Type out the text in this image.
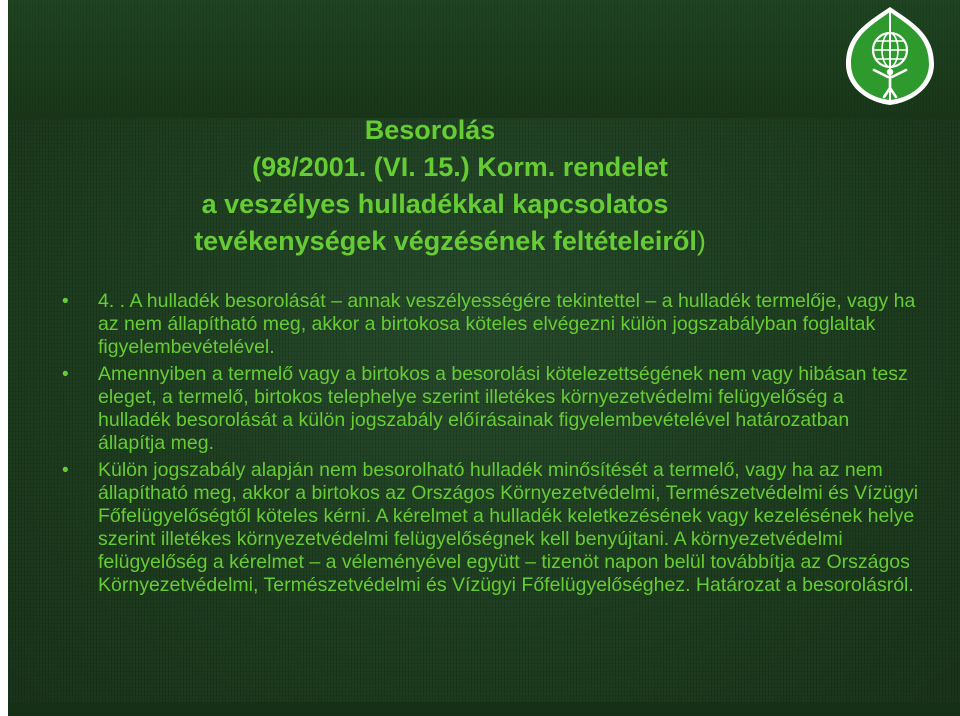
Besorolás
(98/2001. (VI. 15.) Korm. rendelet
a veszélyes hulladékkal kapcsolatos
tevékenységek végzésének feltételeiről)
• 4. . A hulladék besorolását – annak veszélyességére tekintettel – a hulladék termelője, vagy ha az nem állapítható meg, akkor a birtokosa köteles elvégezni külön jogszabályban foglaltak figyelembevételével.
• Amennyiben a termelő vagy a birtokos a besorolási kötelezettségének nem vagy hibásan tesz eleget, a termelő, birtokos telephelye szerint illetékes környezetvédelmi felügyelőség a hulladék besorolását a külön jogszabály előírásainak figyelembevételével határozatban állapítja meg.
• Külön jogszabály alapján nem besorolható hulladék minősítését a termelő, vagy ha az nem állapítható meg, akkor a birtokos az Országos Környezetvédelmi, Természetvédelmi és Vízügyi Főfelügyelőségtől köteles kérni. A kérelmet a hulladék keletkezésének vagy kezelésének helye szerint illetékes környezetvédelmi felügyelőségnek kell benyújtani. A környezetvédelmi felügyelőség a kérelmet – a véleményével együtt – tizenöt napon belül továbbítja az Országos Környezetvédelmi, Természetvédelmi és Vízügyi Főfelügyelőséghez. Határozat a besorolásról.
